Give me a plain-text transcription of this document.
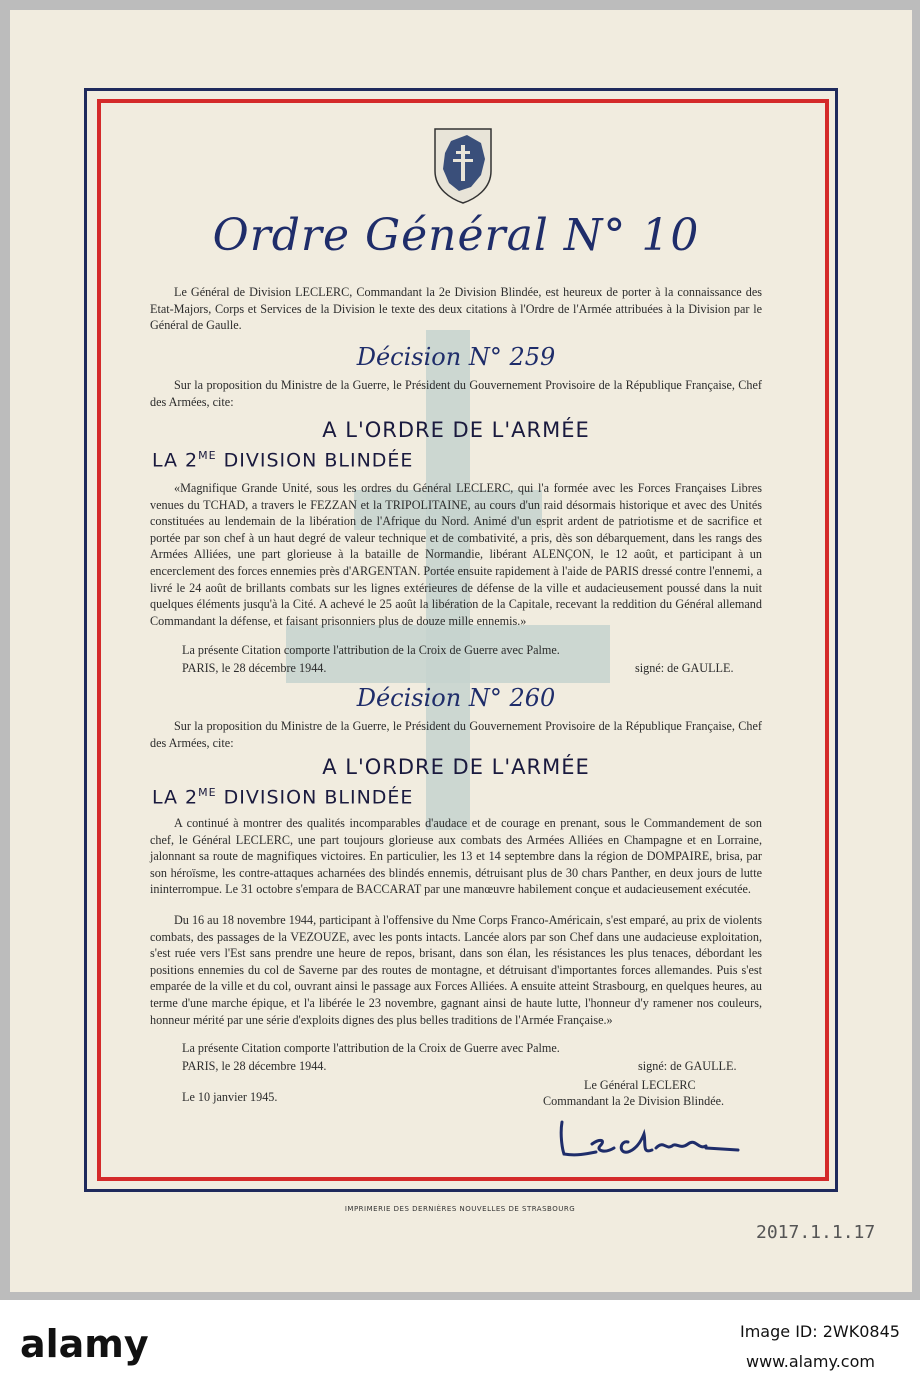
Ordre Général N° 10
Le Général de Division LECLERC, Commandant la 2e Division Blindée, est heureux de porter à la connaissance des Etat-Majors, Corps et Services de la Division le texte des deux citations à l'Ordre de l'Armée attribuées à la Division par le Général de Gaulle.
Décision N° 259
Sur la proposition du Ministre de la Guerre, le Président du Gouvernement Provisoire de la République Française, Chef des Armées, cite:
A L'ORDRE DE L'ARMÉE
LA $2^{ME}$ DIVISION BLINDÉE
«Magnifique Grande Unité, sous les ordres du Général LECLERC, qui l'a formée avec les Forces Françaises Libres venues du TCHAD, a travers le FEZZAN et la TRIPOLITAINE, au cours d'un raid désormais historique et avec des Unités constituées au lendemain de la libération de l'Afrique du Nord. Animé d'un esprit ardent de patriotisme et de sacrifice et portée par son chef à un haut degré de valeur technique et de combativité, a pris, dès son débarquement, dans les rangs des Armées Alliées, une part glorieuse à la bataille de Normandie, libérant ALENÇON, le 12 août, et participant à un encerclement des forces ennemies près d'ARGENTAN. Portée ensuite rapidement à l'aide de PARIS dressé contre l'ennemi, a livré le 24 août de brillants combats sur les lignes extérieures de défense de la ville et audacieusement poussé dans la nuit quelques éléments jusqu'à la Cité. A achevé le 25 août la libération de la Capitale, recevant la reddition du Général allemand Commandant la défense, et faisant prisonniers plus de douze mille ennemis.»
La présente Citation comporte l'attribution de la Croix de Guerre avec Palme.
PARIS, le 28 décembre 1944.	signé: de GAULLE.
Décision N° 260
Sur la proposition du Ministre de la Guerre, le Président du Gouvernement Provisoire de la République Française, Chef des Armées, cite:
A L'ORDRE DE L'ARMÉE
LA $2^{ME}$ DIVISION BLINDÉE
A continué à montrer des qualités incomparables d'audace et de courage en prenant, sous le Commandement de son chef, le Général LECLERC, une part toujours glorieuse aux combats des Armées Alliées en Champagne et en Lorraine, jalonnant sa route de magnifiques victoires. En particulier, les 13 et 14 septembre dans la région de DOMPAIRE, brisa, par son héroïsme, les contre-attaques acharnées des blindés ennemis, détruisant plus de 30 chars Panther, en deux jours de lutte ininterrompue. Le 31 octobre s'empara de BACCARAT par une manœuvre habilement conçue et audacieusement exécutée.
Du 16 au 18 novembre 1944, participant à l'offensive du Nme Corps Franco-Américain, s'est emparé, au prix de violents combats, des passages de la VEZOUZE, avec les ponts intacts. Lancée alors par son Chef dans une audacieuse exploitation, s'est ruée vers l'Est sans prendre une heure de repos, brisant, dans son élan, les résistances les plus tenaces, débordant les positions ennemies du col de Saverne par des routes de montagne, et détruisant d'importantes forces allemandes. Puis s'est emparée de la ville et du col, ouvrant ainsi le passage aux Forces Alliées. A ensuite atteint Strasbourg, en quelques heures, au terme d'une marche épique, et l'a libérée le 23 novembre, gagnant ainsi de haute lutte, l'honneur d'y ramener nos couleurs, honneur mérité par une série d'exploits dignes des plus belles traditions de l'Armée Française.»
La présente Citation comporte l'attribution de la Croix de Guerre avec Palme.
signé: de GAULLE.
PARIS, le 28 décembre 1944.
Le 10 janvier 1945.
Le Général LECLERC
Commandant la 2e Division Blindée.
IMPRIMERIE DES DERNIÈRES NOUVELLES DE STRASBOURG
2017.1.1.17
alamy	Image ID: 2WK0845
www.alamy.com
